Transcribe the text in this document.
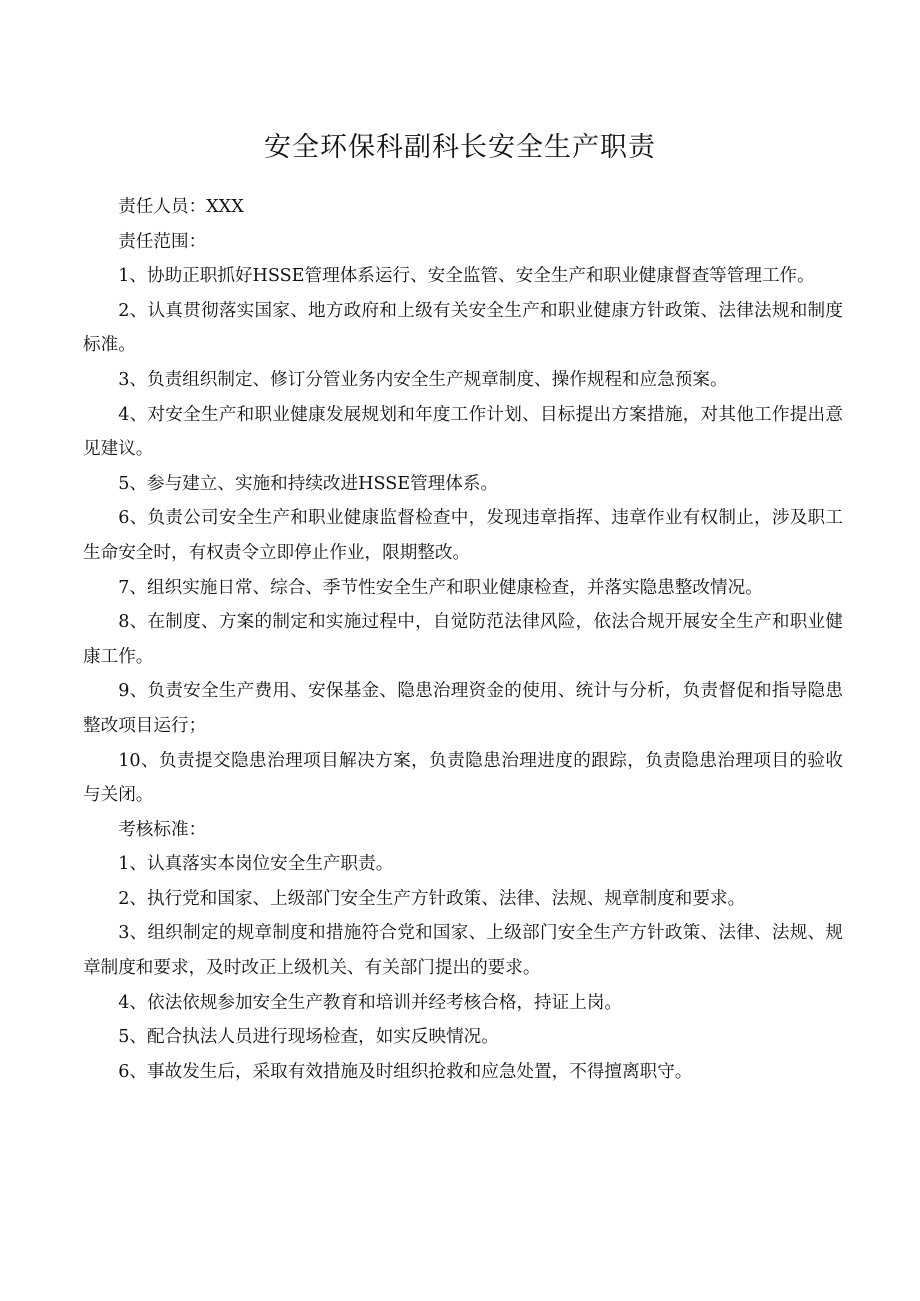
安全环保科副科长安全生产职责

责任人员：XXX

责任范围：

1、协助正职抓好HSSE管理体系运行、安全监管、安全生产和职业健康督查等管理工作。

2、认真贯彻落实国家、地方政府和上级有关安全生产和职业健康方针政策、法律法规和制度标准。

3、负责组织制定、修订分管业务内安全生产规章制度、操作规程和应急预案。

4、对安全生产和职业健康发展规划和年度工作计划、目标提出方案措施，对其他工作提出意见建议。

5、参与建立、实施和持续改进HSSE管理体系。

6、负责公司安全生产和职业健康监督检查中，发现违章指挥、违章作业有权制止，涉及职工生命安全时，有权责令立即停止作业，限期整改。

7、组织实施日常、综合、季节性安全生产和职业健康检查，并落实隐患整改情况。

8、在制度、方案的制定和实施过程中，自觉防范法律风险，依法合规开展安全生产和职业健康工作。

9、负责安全生产费用、安保基金、隐患治理资金的使用、统计与分析，负责督促和指导隐患整改项目运行；

10、负责提交隐患治理项目解决方案，负责隐患治理进度的跟踪，负责隐患治理项目的验收与关闭。

考核标准：

1、认真落实本岗位安全生产职责。

2、执行党和国家、上级部门安全生产方针政策、法律、法规、规章制度和要求。

3、组织制定的规章制度和措施符合党和国家、上级部门安全生产方针政策、法律、法规、规章制度和要求，及时改正上级机关、有关部门提出的要求。

4、依法依规参加安全生产教育和培训并经考核合格，持证上岗。

5、配合执法人员进行现场检查，如实反映情况。

6、事故发生后，采取有效措施及时组织抢救和应急处置，不得擅离职守。
